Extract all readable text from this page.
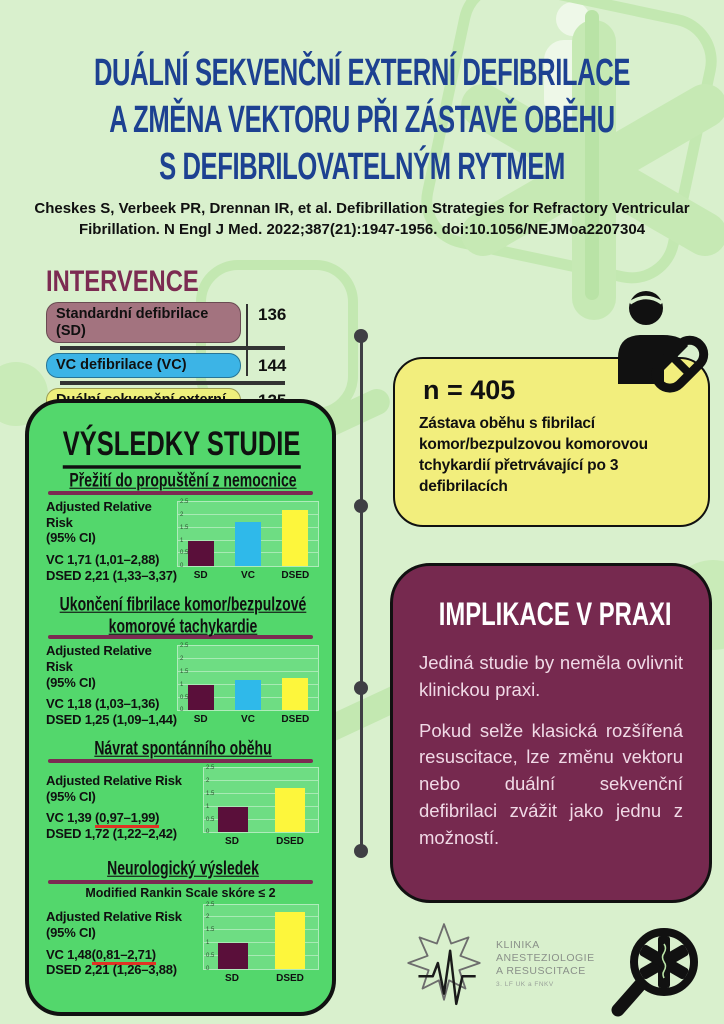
DUÁLNÍ SEKVENČNÍ EXTERNÍ DEFIBRILACE
A ZMĚNA VEKTORU PŘI ZÁSTAVĚ OBĚHU
S DEFIBRILOVATELNÝM RYTMEM
Cheskes S, Verbeek PR, Drennan IR, et al. Defibrillation Strategies for Refractory Ventricular Fibrillation. N Engl J Med. 2022;387(21):1947-1956. doi:10.1056/NEJMoa2207304
INTERVENCE
Standardní defibrilace (SD)
136
VC defibrilace (VC)	144
n = 405
Zástava oběhu s fibrilací komor/bezpulzovou komorovou tchykardií přetrvávající po 3 defibrilacích
VÝSLEDKY STUDIE
Přežití do propuštění z nemocnice
Adjusted Relative Risk
(95% CI)
VC 1,71 (1,01–2,88)
DSED 2,21 (1,33–3,37)
0
0.5
1
1.5
2
2.5
SD	VC	DSED
Ukončení fibrilace komor/bezpulzové komorové tachykardie
Adjusted Relative Risk
(95% CI)
VC 1,18 (1,03–1,36)
DSED 1,25 (1,09–1,44)
0
0.5
1
1.5
2
2.5
SD	VC	DSED
Návrat spontánního oběhu
Adjusted Relative Risk
(95% CI)
VC 1,39 (0,97–1,99)
DSED 1,72 (1,22–2,42)	0
0.5
1
1.5
2
2.5
SD	DSED
Neurologický výsledek
Modified Rankin Scale skóre ≤ 2
Adjusted Relative Risk
(95% CI)
VC 1,48(0,81–2,71)
DSED 2,21 (1,26–3,88)	0
0.5
1
1.5
2
2.5
SD	DSED
IMPLIKACE V PRAXI

Jediná studie by neměla ovlivnit klinickou praxi.

Pokud selže klasická rozšířená resuscitace, lze změnu vektoru nebo duální sekvenční defibrilaci zvážit jako jednu z možností.

KLINIKA
ANESTEZIOLOGIE
A RESUSCITACE
3. LF UK a FNKV
